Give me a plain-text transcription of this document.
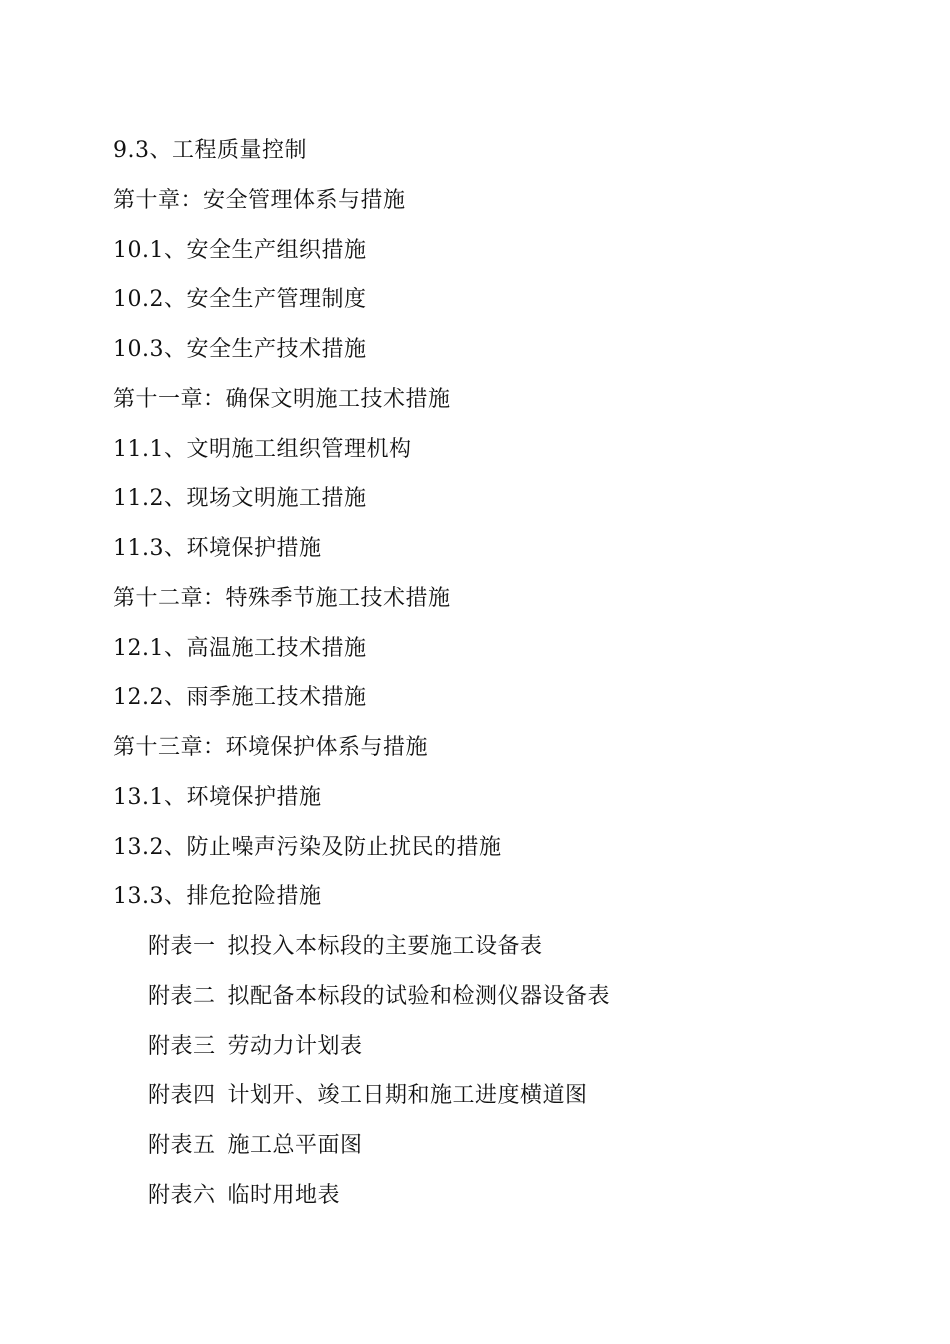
9.3、工程质量控制
第十章：安全管理体系与措施
10.1、安全生产组织措施
10.2、安全生产管理制度
10.3、安全生产技术措施
第十一章：确保文明施工技术措施
11.1、文明施工组织管理机构
11.2、现场文明施工措施
11.3、环境保护措施
第十二章：特殊季节施工技术措施
12.1、高温施工技术措施
12.2、雨季施工技术措施
第十三章：环境保护体系与措施
13.1、环境保护措施
13.2、防止噪声污染及防止扰民的措施
13.3、排危抢险措施
附表一 拟投入本标段的主要施工设备表
附表二 拟配备本标段的试验和检测仪器设备表
附表三 劳动力计划表
附表四 计划开、竣工日期和施工进度横道图
附表五 施工总平面图
附表六 临时用地表
